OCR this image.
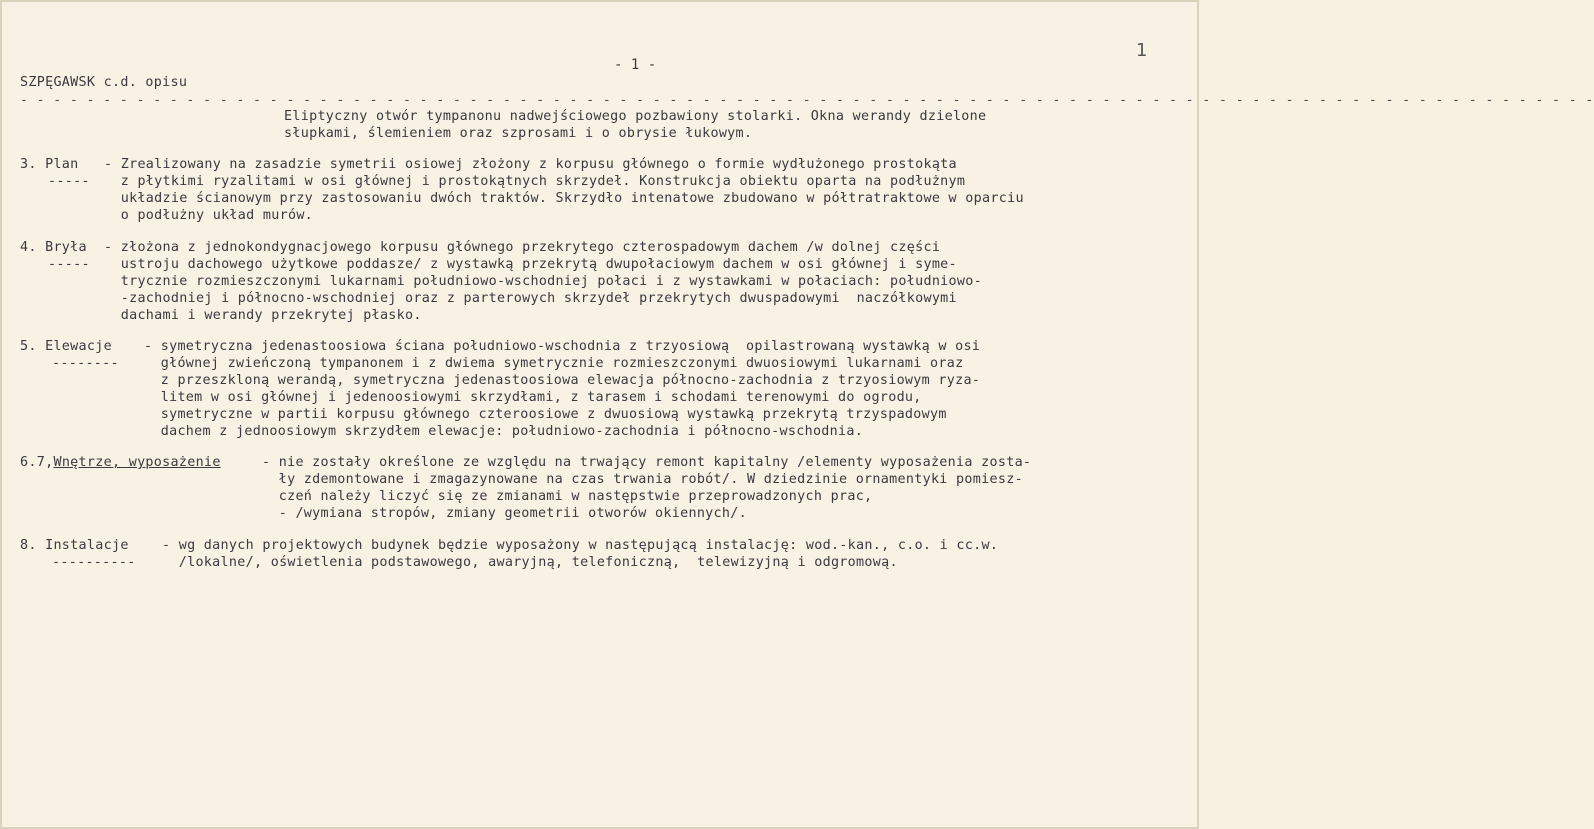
SZPĘGAWSK c.d. opisu
- 1 -
1
- - - - - - - - - - - - - - - - - - - - - - - - - - - - - - - - - - - - - - - - - - - - - - - - - - - - - - - - - - - - - - - - - - - - - - - - - - - - - - - - - - - - - - - - - - - - - - -
Eliptyczny otwór tympanonu nadwejściowego pozbawiony stolarki. Okna werandy dzielone
słupkami, ślemieniem oraz szprosami i o obrysie łukowym.
3. Plan
-----
- Zrealizowany na zasadzie symetrii osiowej złożony z korpusu głównego o formie wydłużonego prostokąta
z płytkimi ryzalitami w osi głównej i prostokątnych skrzydeł. Konstrukcja obiektu oparta na podłużnym
układzie ścianowym przy zastosowaniu dwóch traktów. Skrzydło intenatowe zbudowano w półtratraktowe w oparciu
o podłużny układ murów.
4. Bryła
-----
- złożona z jednokondygnacjowego korpusu głównego przekrytego czterospadowym dachem /w dolnej części
ustroju dachowego użytkowe poddasze/ z wystawką przekrytą dwupołaciowym dachem w osi głównej i syme-
trycznie rozmieszczonymi lukarnami południowo-wschodniej połaci i z wystawkami w połaciach: południowo-
-zachodniej i północno-wschodniej oraz z parterowych skrzydeł przekrytych dwuspadowymi  naczółkowymi
dachami i werandy przekrytej płasko.
5. Elewacje
--------
- symetryczna jedenastoosiowa ściana południowo-wschodnia z trzyosiową  opilastrowaną wystawką w osi
głównej zwieńczoną tympanonem i z dwiema symetrycznie rozmieszczonymi dwuosiowymi lukarnami oraz
z przeszkloną werandą, symetryczna jedenastoosiowa elewacja północno-zachodnia z trzyosiowym ryza-
litem w osi głównej i jedenoosiowymi skrzydłami, z tarasem i schodami terenowymi do ogrodu,
symetryczne w partii korpusu głównego czteroosiowe z dwuosiową wystawką przekrytą trzyspadowym
dachem z jednoosiowym skrzydłem elewacje: południowo-zachodnia i północno-wschodnia.
6.7,Wnętrze, wyposażenie	- nie zostały określone ze względu na trwający remont kapitalny /elementy wyposażenia zosta-
ły zdemontowane i zmagazynowane na czas trwania robót/. W dziedzinie ornamentyki pomiesz-
czeń należy liczyć się ze zmianami w następstwie przeprowadzonych prac,
- /wymiana stropów, zmiany geometrii otworów okiennych/.
8. Instalacje
----------
- wg danych projektowych budynek będzie wyposażony w następującą instalację: wod.-kan., c.o. i cc.w.
/lokalne/, oświetlenia podstawowego, awaryjną, telefoniczną,  telewizyjną i odgromową.
